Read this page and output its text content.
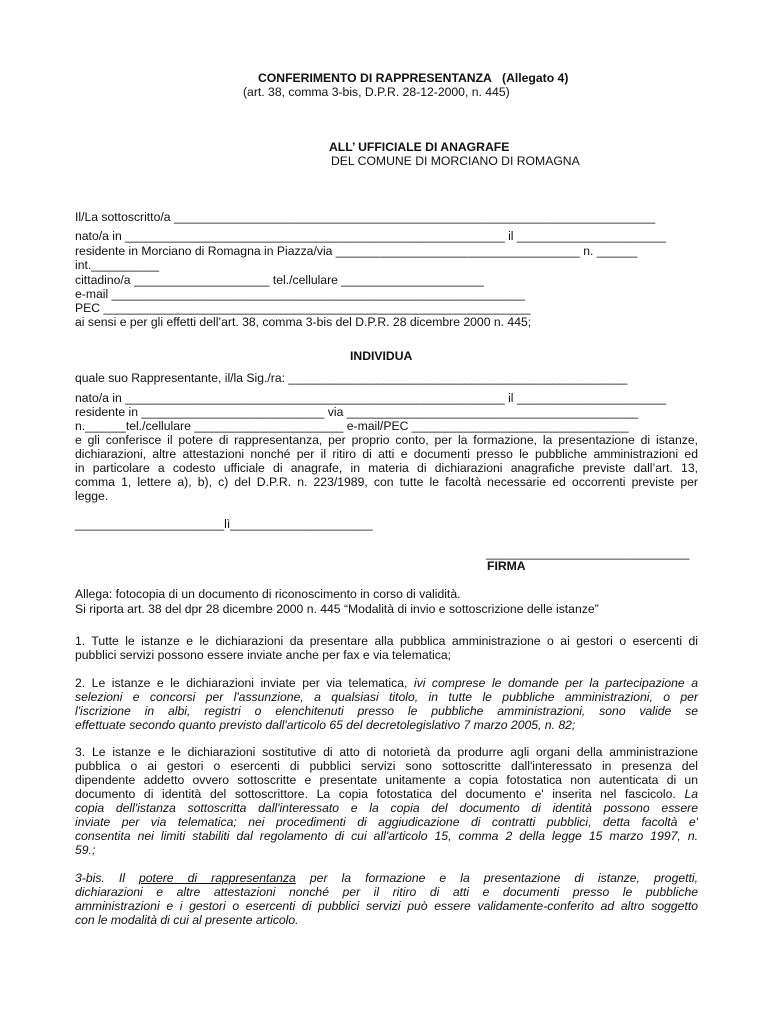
CONFERIMENTO DI RAPPRESENTANZA (Allegato 4)
(art. 38, comma 3-bis, D.P.R. 28-12-2000, n. 445)
ALL’ UFFICIALE DI ANAGRAFE
DEL COMUNE DI MORCIANO DI ROMAGNA
Il/La sottoscritto/a _______________________________________________________________________
nato/a in ________________________________________________________ il ______________________
residente in Morciano di Romagna in Piazza/via ____________________________________ n. ______
int.__________
cittadino/a ____________________ tel./cellulare _____________________
e-mail _____________________________________________________________
PEC _______________________________________________________________
ai sensi e per gli effetti dell’art. 38, comma 3-bis del D.P.R. 28 dicembre 2000 n. 445;
INDIVIDUA
quale suo Rappresentante, il/la Sig./ra: __________________________________________________
nato/a in ________________________________________________________ il ______________________
residente in ___________________________ via ___________________________________________
n.______tel./cellulare ______________________ e-mail/PEC ________________________________
e gli conferisce il potere di rappresentanza, per proprio conto, per la formazione, la presentazione di istanze,
dichiarazioni, altre attestazioni nonché per il ritiro di atti e documenti presso le pubbliche amministrazioni ed
in particolare a codesto ufficiale di anagrafe, in materia di dichiarazioni anagrafiche previste dall’art. 13,
comma 1, lettere a), b), c) del D.P.R. n. 223/1989, con tutte le facoltà necessarie ed occorrenti previste per
legge.
______________________lì_____________________
______________________________
FIRMA
Allega: fotocopia di un documento di riconoscimento in corso di validità.
Si riporta art. 38 del dpr 28 dicembre 2000 n. 445 “Modalità di invio e sottoscrizione delle istanze”
1. Tutte le istanze e le dichiarazioni da presentare alla pubblica amministrazione o ai gestori o esercenti di
pubblici servizi possono essere inviate anche per fax e via telematica;
2. Le istanze e le dichiarazioni inviate per via telematica, ivi comprese le domande per la partecipazione a
selezioni e concorsi per l'assunzione, a qualsiasi titolo, in tutte le pubbliche amministrazioni, o per
l'iscrizione in albi, registri o elenchitenuti presso le pubbliche amministrazioni, sono valide se
effettuate secondo quanto previsto dall'articolo 65 del decretolegislativo 7 marzo 2005, n. 82;
3. Le istanze e le dichiarazioni sostitutive di atto di notorietà da produrre agli organi della amministrazione
pubblica o ai gestori o esercenti di pubblici servizi sono sottoscritte dall'interessato in presenza del
dipendente addetto ovvero sottoscritte e presentate unitamente a copia fotostatica non autenticata di un
documento di identità del sottoscrittore. La copia fotostatica del documento e' inserita nel fascicolo. La
copia dell'istanza sottoscritta dall'interessato e la copia del documento di identità possono essere
inviate per via telematica; nei procedimenti di aggiudicazione di contratti pubblici, detta facoltà e'
consentita nei limiti stabiliti dal regolamento di cui all'articolo 15, comma 2 della legge 15 marzo 1997, n.
59.;
3-bis. Il potere di rappresentanza per la formazione e la presentazione di istanze, progetti,
dichiarazioni e altre attestazioni nonché per il ritiro di atti e documenti presso le pubbliche
amministrazioni e i gestori o esercenti di pubblici servizi può essere validamente-conferito ad altro soggetto
con le modalità di cui al presente articolo.
